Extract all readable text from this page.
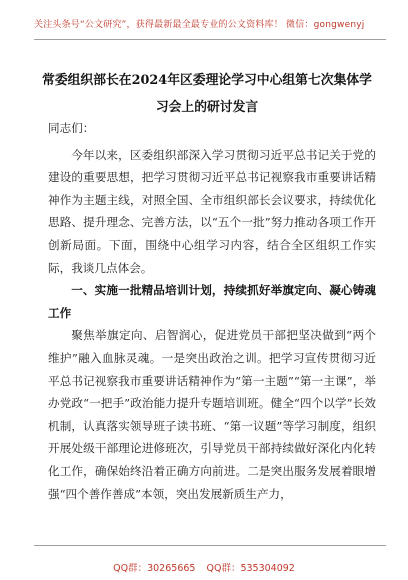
关注头条号“公文研究”，获得最新最全最专业的公文资料库！ 微信：gongwenyj
常委组织部长在2024年区委理论学习中心组第七次集体学习会上的研讨发言

同志们：

今年以来，区委组织部深入学习贯彻习近平总书记关于党的建设的重要思想，把学习贯彻习近平总书记视察我市重要讲话精神作为主题主线，对照全国、全市组织部长会议要求，持续优化思路、提升理念、完善方法，以“五个一批”努力推动各项工作开创新局面。下面，围绕中心组学习内容，结合全区组织工作实际，我谈几点体会。

一、实施一批精品培训计划，持续抓好举旗定向、凝心铸魂工作

聚焦举旗定向、启智润心，促进党员干部把坚决做到“两个维护”融入血脉灵魂。一是突出政治之训。把学习宣传贯彻习近平总书记视察我市重要讲话精神作为“第一主题”“第一主课”，举办党政“一把手”政治能力提升专题培训班。健全“四个以学”长效机制，认真落实领导班子读书班、“第一议题”等学习制度，组织开展处级干部理论进修班次，引导党员干部持续做好深化内化转化工作，确保始终沿着正确方向前进。二是突出服务发展着眼增强“四个善作善成”本领，突出发展新质生产力，

QQ群：30265665 QQ群：535304092
